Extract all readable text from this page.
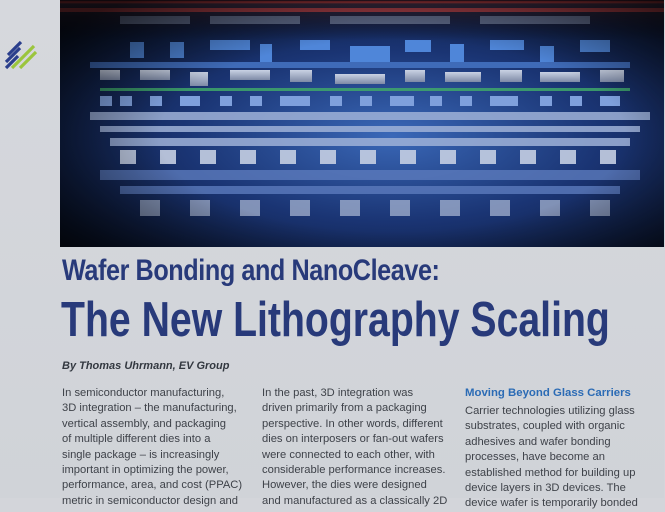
Wafer Bonding and NanoCleave:
The New Lithography Scaling
By Thomas Uhrmann, EV Group

In semiconductor manufacturing,
3D integration – the manufacturing,
vertical assembly, and packaging
of multiple different dies into a
single package – is increasingly
important in optimizing the power,
performance, area, and cost (PPAC)
metric in semiconductor design and

In the past, 3D integration was
driven primarily from a packaging
perspective. In other words, different
dies on interposers or fan-out wafers
were connected to each other, with
considerable performance increases.
However, the dies were designed
and manufactured as a classically 2D

Moving Beyond Glass Carriers

Carrier technologies utilizing glass
substrates, coupled with organic
adhesives and wafer bonding
processes, have become an
established method for building up
device layers in 3D devices. The
device wafer is temporarily bonded
